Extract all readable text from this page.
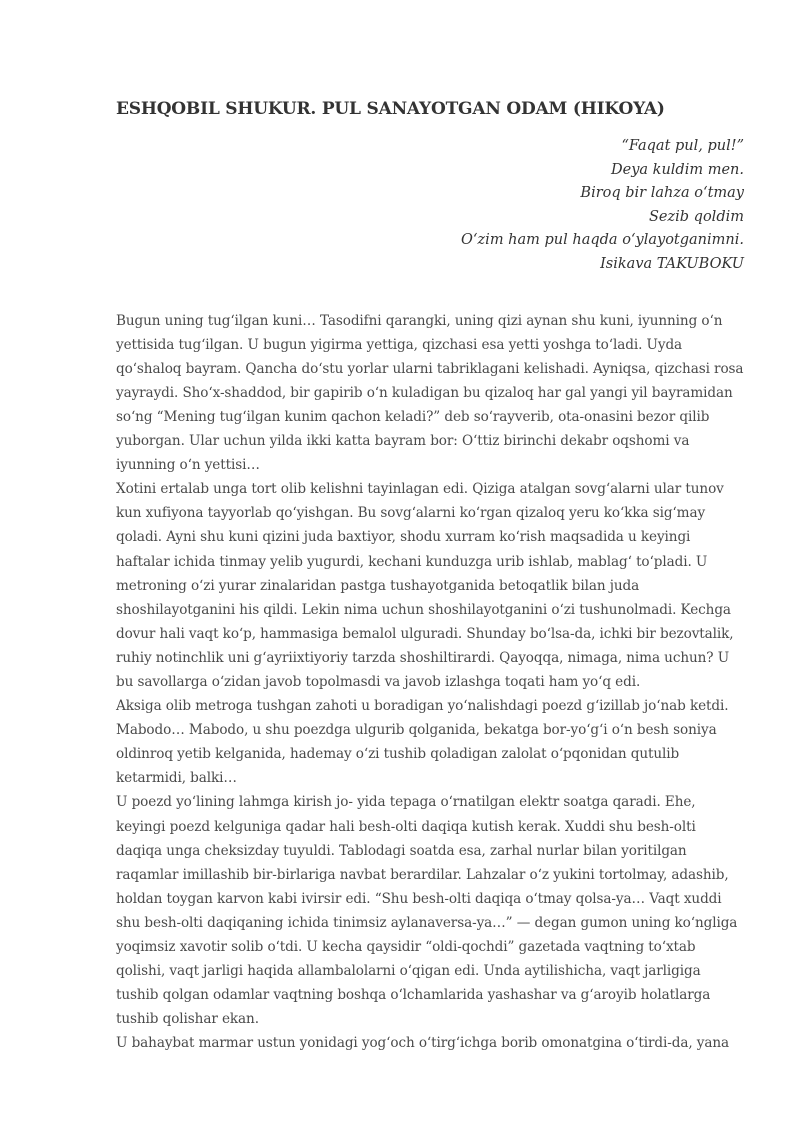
ESHQOBIL SHUKUR. PUL SANAYOTGAN ODAM (HIKOYA)
“Faqat pul, pul!”
Deya kuldim men.
Biroq bir lahza o‘tmay
Sezib qoldim
O‘zim ham pul haqda o‘ylayotganimni.
Isikava TAKUBOKU

Bugun uning tug‘ilgan kuni… Tasodifni qarangki, uning qizi aynan shu kuni, iyunning o‘n yettisida tug‘ilgan. U bugun yigirma yettiga, qizchasi esa yetti yoshga to‘ladi. Uyda qo‘shaloq bayram. Qancha do‘stu yorlar ularni tabriklagani kelishadi. Ayniqsa, qizchasi rosa yayraydi. Sho‘x-shaddod, bir gapirib o‘n kuladigan bu qizaloq har gal yangi yil bayramidan so‘ng “Mening tug‘ilgan kunim qachon keladi?” deb so‘rayverib, ota-onasini bezor qilib yuborgan. Ular uchun yilda ikki katta bayram bor: O‘ttiz birinchi dekabr oqshomi va iyunning o‘n yettisi…

Xotini ertalab unga tort olib kelishni tayinlagan edi. Qiziga atalgan sovg‘alarni ular tunov kun xufiyona tayyorlab qo‘yishgan. Bu sovg‘alarni ko‘rgan qizaloq yeru ko‘kka sig‘may qoladi. Ayni shu kuni qizini juda baxtiyor, shodu xurram ko‘rish maqsadida u keyingi haftalar ichida tinmay yelib yugurdi, kechani kunduzga urib ishlab, mablag‘ to‘pladi. U metroning o‘zi yurar zinalaridan pastga tushayotganida betoqatlik bilan juda shoshilayotganini his qildi. Lekin nima uchun shoshilayotganini o‘zi tushunolmadi. Kechga dovur hali vaqt ko‘p, hammasiga bemalol ulguradi. Shunday bo‘lsa-da, ichki bir bezovtalik, ruhiy notinchlik uni g‘ayriixtiyoriy tarzda shoshiltirardi. Qayoqqa, nimaga, nima uchun? U bu savollarga o‘zidan javob topolmasdi va javob izlashga toqati ham yo‘q edi.

Aksiga olib metroga tushgan zahoti u boradigan yo‘nalishdagi poezd g‘izillab jo‘nab ketdi. Mabodo… Mabodo, u shu poezdga ulgurib qolganida, bekatga bor-yo‘g‘i o‘n besh soniya oldinroq yetib kelganida, hademay o‘zi tushib qoladigan zalolat o‘pqonidan qutulib ketarmidi, balki…

U poezd yo‘lining lahmga kirish jo- yida tepaga o‘rnatilgan elektr soatga qaradi. Ehe, keyingi poezd kelguniga qadar hali besh-olti daqiqa kutish kerak. Xuddi shu besh-olti daqiqa unga cheksizday tuyuldi. Tablodagi soatda esa, zarhal nurlar bilan yoritilgan raqamlar imillashib bir-birlariga navbat berardilar. Lahzalar o‘z yukini tortolmay, adashib, holdan toygan karvon kabi ivirsir edi. “Shu besh-olti daqiqa o‘tmay qolsa-ya… Vaqt xuddi shu besh-olti daqiqaning ichida tinimsiz aylanaversa-ya…” — degan gumon uning ko‘ngliga yoqimsiz xavotir solib o‘tdi. U kecha qaysidir “oldi-qochdi” gazetada vaqtning to‘xtab qolishi, vaqt jarligi haqida allambalolarni o‘qigan edi. Unda aytilishicha, vaqt jarligiga tushib qolgan odamlar vaqtning boshqa o‘lchamlarida yashashar va g‘aroyib holatlarga tushib qolishar ekan.

U bahaybat marmar ustun yonidagi yog‘och o‘tirg‘ichga borib omonatgina o‘tirdi-da, yana
